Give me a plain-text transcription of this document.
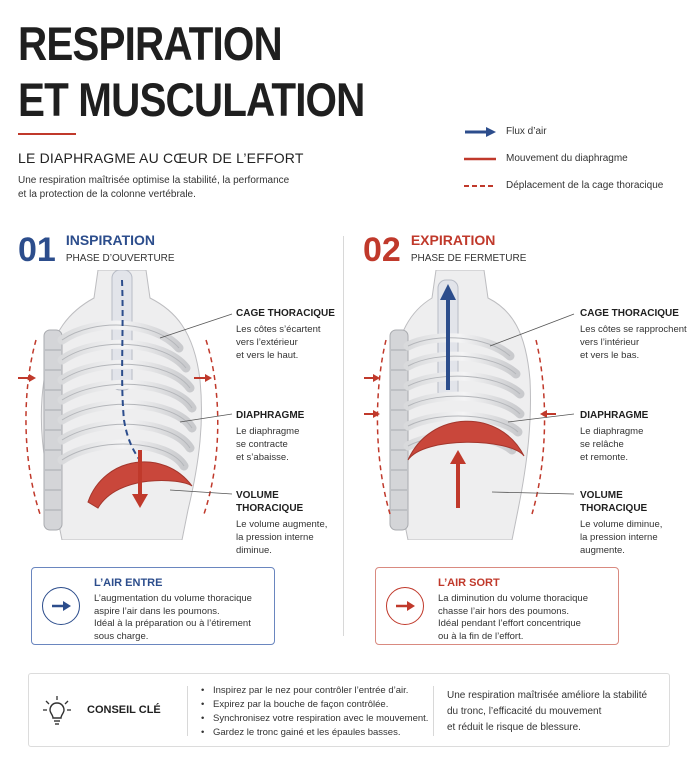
RESPIRATION
ET MUSCULATION
LE DIAPHRAGME AU CŒUR DE L’EFFORT
Une respiration maîtrisée optimise la stabilité, la performance
et la protection de la colonne vertébrale.
Flux d’air
Mouvement du diaphragme
Déplacement de la cage thoracique
01 INSPIRATION
PHASE D’OUVERTURE	02 EXPIRATION
PHASE DE FERMETURE
CAGE THORACIQUE

Les côtes s’écartent

vers l’extérieur

et vers le haut.

DIAPHRAGME

Le diaphragme

se contracte

et s’abaisse.

VOLUME
THORACIQUE

Le volume augmente,

la pression interne

diminue.

CAGE THORACIQUE

Les côtes se rapprochent

vers l’intérieur

et vers le bas.

DIAPHRAGME

Le diaphragme

se relâche

et remonte.

VOLUME
THORACIQUE

Le volume diminue,

la pression interne

augmente.

L’AIR ENTRE

L’augmentation du volume thoracique

aspire l’air dans les poumons.

Idéal à la préparation ou à l’étirement

sous charge.

L’AIR SORT

La diminution du volume thoracique

chasse l’air hors des poumons.

Idéal pendant l’effort concentrique

ou à la fin de l’effort.

CONSEIL CLÉ
• Inspirez par le nez pour contrôler l’entrée d’air.
• Expirez par la bouche de façon contrôlée.
• Synchronisez votre respiration avec le mouvement.
• Gardez le tronc gainé et les épaules basses.
Une respiration maîtrisée améliore la stabilité
du tronc, l’efficacité du mouvement
et réduit le risque de blessure.
